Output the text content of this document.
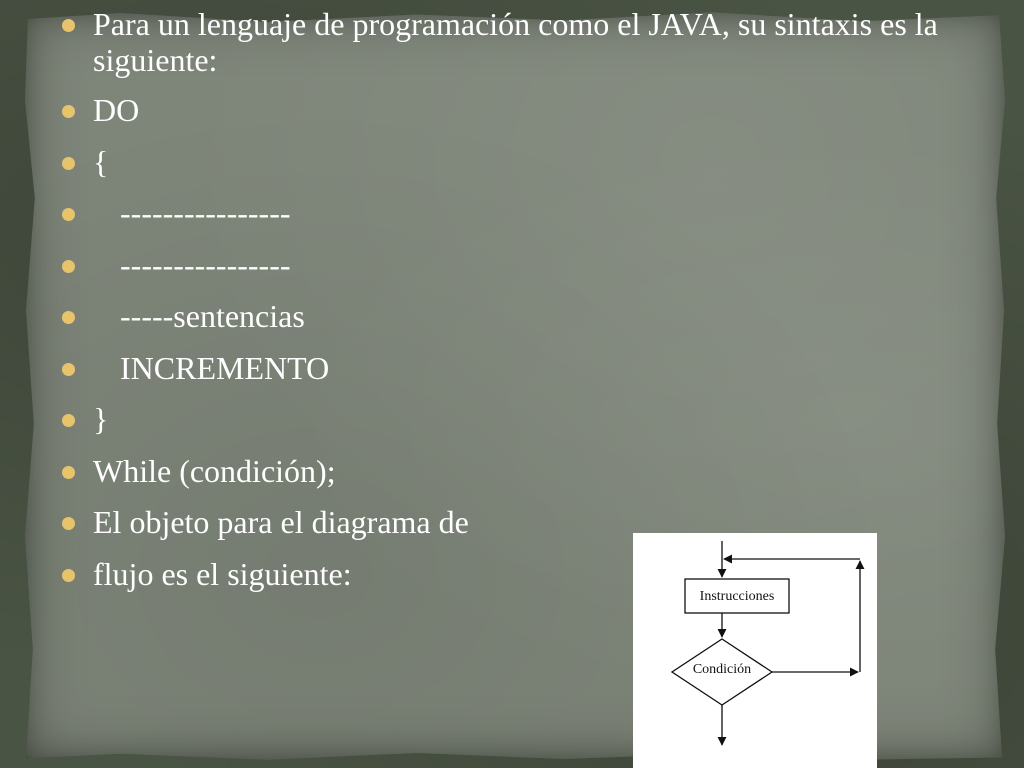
Para un lenguaje de programación como el JAVA, su sintaxis es la siguiente:
DO
{
----------------
----------------
-----sentencias
INCREMENTO
}
While (condición);
El objeto para el diagrama de
flujo es el siguiente:
Instrucciones
Condición
